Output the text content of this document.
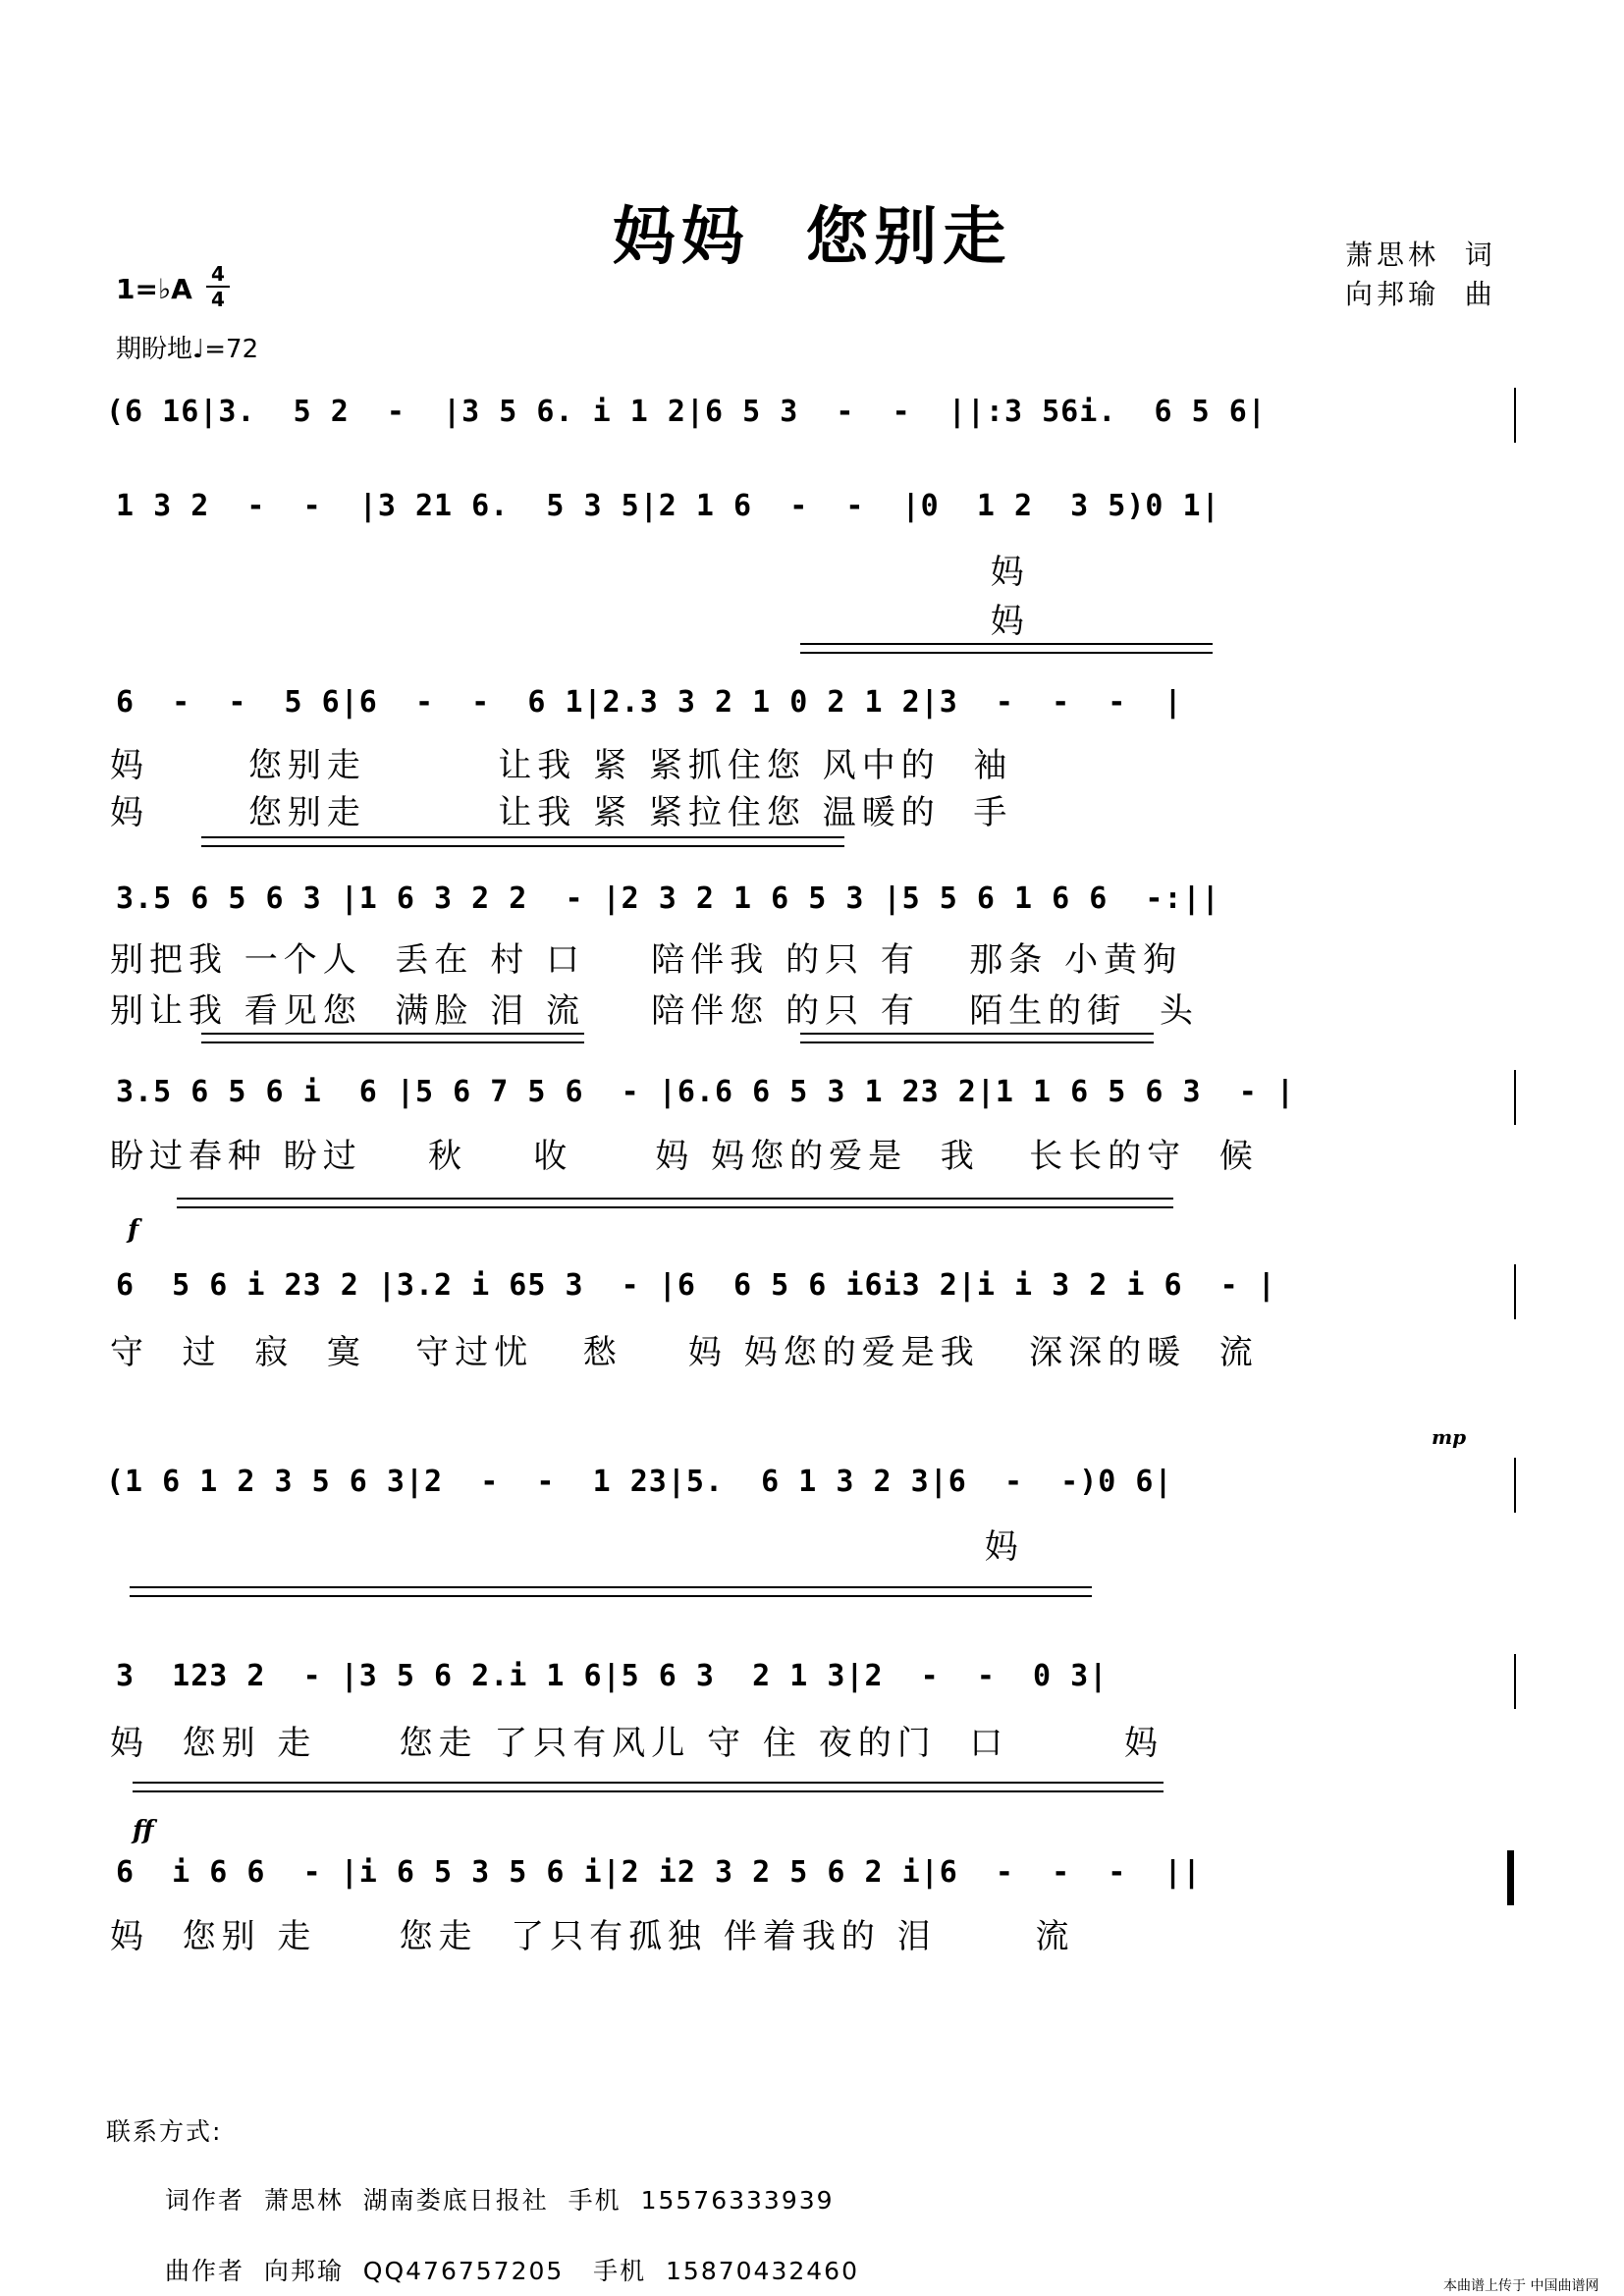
妈妈  您别走	萧思林  词
向邦瑜  曲
1=♭A 4
4
期盼地♩=72
(6 16|3.  5 2  -  |3 5 6. i 1 2|6 5 3  -  -  ||:3 56i.  6 5 6|
1 3 2  -  -  |3 21 6.  5 3 5|2 1 6  -  -  |0  1 2  3 5)0 1|
妈
妈
6  -  -  5 6|6  -  -  6 1|2.3 3 2 1 0 2 1 2|3  -  -  -  |
妈      您别走        让我 紧 紧抓住您 风中的  袖
妈      您别走        让我 紧 紧拉住您 温暖的  手
3.5 6 5 6 3 |1 6 3 2 2  - |2 3 2 1 6 5 3 |5 5 6 1 6 6  -:||
别把我 一个人  丢在 村 口    陪伴我 的只 有   那条 小黄狗
别让我 看见您  满脸 泪 流    陪伴您 的只 有   陌生的街  头
3.5 6 5 6 i  6 |5 6 7 5 6  - |6.6 6 5 3 1 23 2|1 1 6 5 6 3  - |
盼过春种 盼过    秋    收     妈 妈您的爱是  我   长长的守  候
f
6  5 6 i 23 2 |3.2 i 65 3  - |6  6 5 6 i6i3 2|i i 3 2 i 6  - |
守  过  寂  寞   守过忧   愁    妈 妈您的爱是我   深深的暖  流
mp
(1 6 1 2 3 5 6 3|2  -  -  1 23|5.  6 1 3 2 3|6  -  -)0 6|
妈
3  123 2  - |3 5 6 2.i 1 6|5 6 3  2 1 3|2  -  -  0 3|
妈  您别 走     您走 了只有风儿 守 住 夜的门  口       妈
ff
6  i 6 6  - |i 6 5 3 5 6 i|2 i2 3 2 5 6 2 i|6  -  -  -  ||
妈  您别 走     您走  了只有孤独 伴着我的 泪      流
联系方式:
词作者  萧思林  湖南娄底日报社  手机  15576333939
曲作者  向邦瑜  QQ476757205   手机  15870432460
本曲谱上传于 中国曲谱网
